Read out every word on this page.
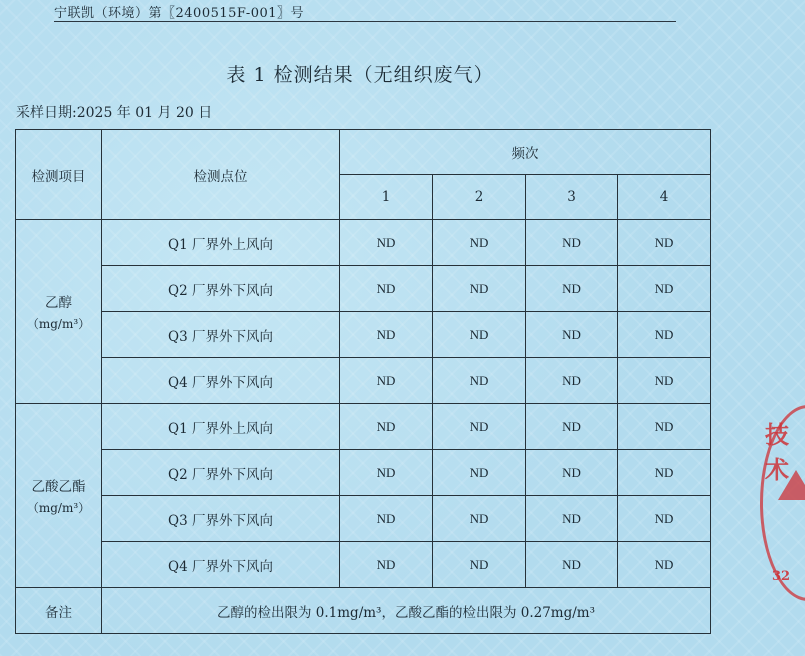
宁联凯（环境）第〖2400515F-001〗号
表 1 检测结果（无组织废气）
采样日期:2025 年 01 月 20 日
检测项目	检测点位	频次			
		1	2	3	4
乙醇
（mg/m³）	Q1 厂界外上风向	ND	ND	ND	ND
	Q2 厂界外下风向	ND	ND	ND	ND
	Q3 厂界外下风向	ND	ND	ND	ND
	Q4 厂界外下风向	ND	ND	ND	ND
乙酸乙酯
（mg/m³）	Q1 厂界外上风向	ND	ND	ND	ND
	Q2 厂界外下风向	ND	ND	ND	ND
	Q3 厂界外下风向	ND	ND	ND	ND
	Q4 厂界外下风向	ND	ND	ND	ND
备注	乙醇的检出限为 0.1mg/m³，乙酸乙酯的检出限为 0.27mg/m³				
技术
32
